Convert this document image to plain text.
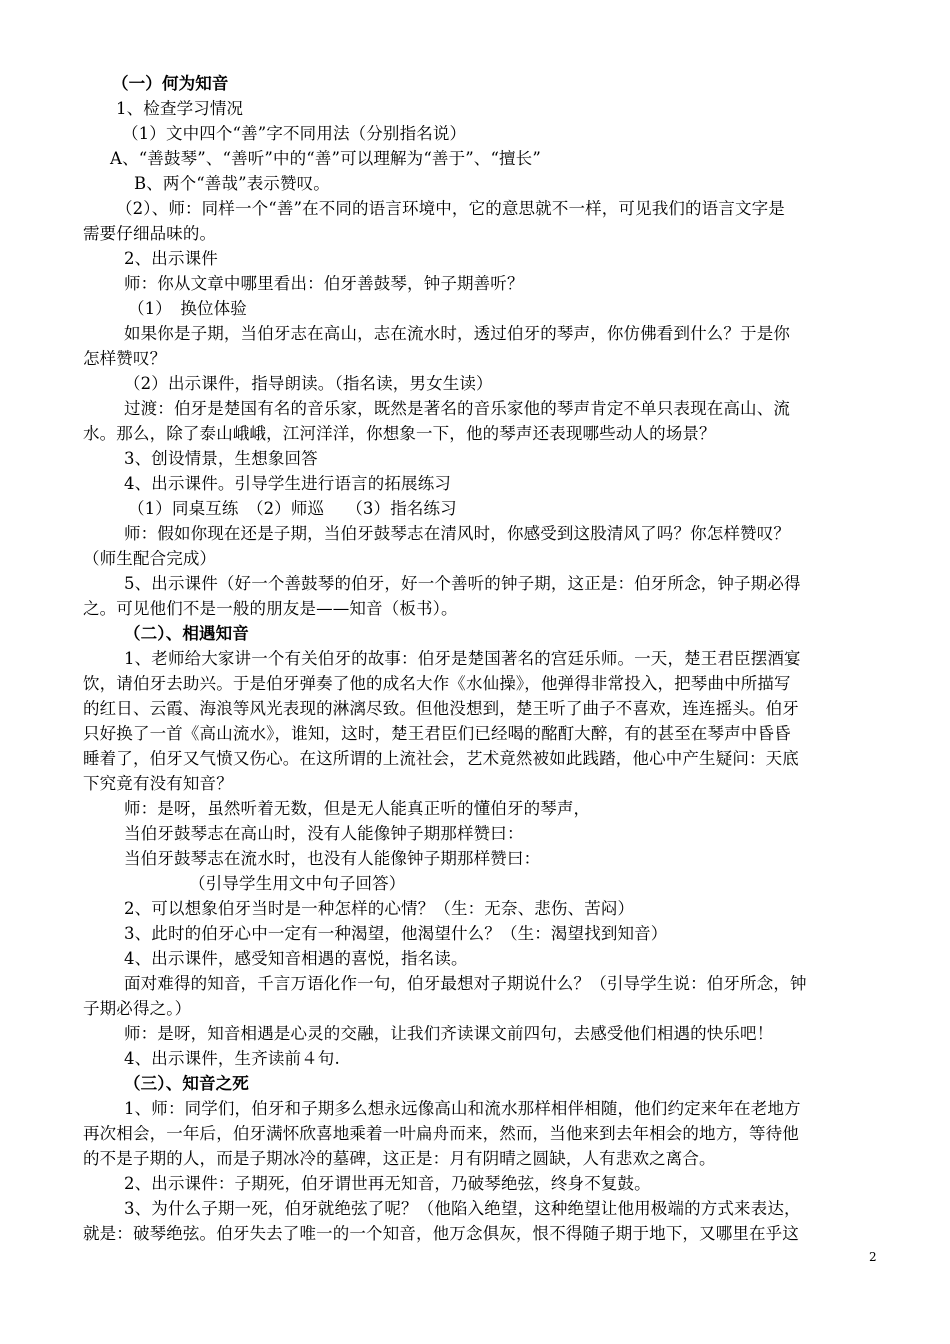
（一）何为知音
1、检查学习情况
（1）文中四个“善”字不同用法（分别指名说）
A、“善鼓琴”、“善听”中的“善”可以理解为“善于”、“擅长”
B、两个“善哉”表示赞叹。
（2）、师：同样一个“善”在不同的语言环境中，它的意思就不一样，可见我们的语言文字是
需要仔细品味的。
2、出示课件
师：你从文章中哪里看出：伯牙善鼓琴，钟子期善听？
（1）　换位体验
如果你是子期，当伯牙志在高山，志在流水时，透过伯牙的琴声，你仿佛看到什么？于是你
怎样赞叹？
（2）出示课件，指导朗读。（指名读，男女生读）
过渡：伯牙是楚国有名的音乐家，既然是著名的音乐家他的琴声肯定不单只表现在高山、流
水。那么，除了泰山峨峨，江河洋洋，你想象一下，他的琴声还表现哪些动人的场景？
3、创设情景，生想象回答
4、出示课件。引导学生进行语言的拓展练习
（1）同桌互练　（2）师巡　 （3）指名练习
师：假如你现在还是子期，当伯牙鼓琴志在清风时，你感受到这股清风了吗？你怎样赞叹？
（师生配合完成）
5、出示课件（好一个善鼓琴的伯牙，好一个善听的钟子期，这正是：伯牙所念，钟子期必得
之。可见他们不是一般的朋友是——知音（板书）。
（二）、相遇知音
1、老师给大家讲一个有关伯牙的故事：伯牙是楚国著名的宫廷乐师。一天，楚王君臣摆酒宴
饮，请伯牙去助兴。于是伯牙弹奏了他的成名大作《水仙操》，他弹得非常投入，把琴曲中所描写
的红日、云霞、海浪等风光表现的淋漓尽致。但他没想到，楚王听了曲子不喜欢，连连摇头。伯牙
只好换了一首《高山流水》，谁知，这时，楚王君臣们已经喝的酩酊大醉，有的甚至在琴声中昏昏
睡着了，伯牙又气愤又伤心。在这所谓的上流社会，艺术竟然被如此践踏，他心中产生疑问：天底
下究竟有没有知音？
师：是呀，虽然听着无数，但是无人能真正听的懂伯牙的琴声，
当伯牙鼓琴志在高山时，没有人能像钟子期那样赞曰：
当伯牙鼓琴志在流水时，也没有人能像钟子期那样赞曰：
（引导学生用文中句子回答）
2、可以想象伯牙当时是一种怎样的心情？（生：无奈、悲伤、苦闷）
3、此时的伯牙心中一定有一种渴望，他渴望什么？（生：渴望找到知音）
4、出示课件，感受知音相遇的喜悦，指名读。
面对难得的知音，千言万语化作一句，伯牙最想对子期说什么？（引导学生说：伯牙所念，钟
子期必得之。）
师：是呀，知音相遇是心灵的交融，让我们齐读课文前四句，去感受他们相遇的快乐吧！
4、出示课件，生齐读前４句.
（三）、知音之死
1、师：同学们，伯牙和子期多么想永远像高山和流水那样相伴相随，他们约定来年在老地方
再次相会，一年后，伯牙满怀欣喜地乘着一叶扁舟而来，然而，当他来到去年相会的地方，等待他
的不是子期的人，而是子期冰冷的墓碑，这正是：月有阴晴之圆缺，人有悲欢之离合。
2、出示课件：子期死，伯牙谓世再无知音，乃破琴绝弦，终身不复鼓。
3、为什么子期一死，伯牙就绝弦了呢？（他陷入绝望，这种绝望让他用极端的方式来表达，
就是：破琴绝弦。伯牙失去了唯一的一个知音，他万念俱灰，恨不得随子期于地下，又哪里在乎这
2
